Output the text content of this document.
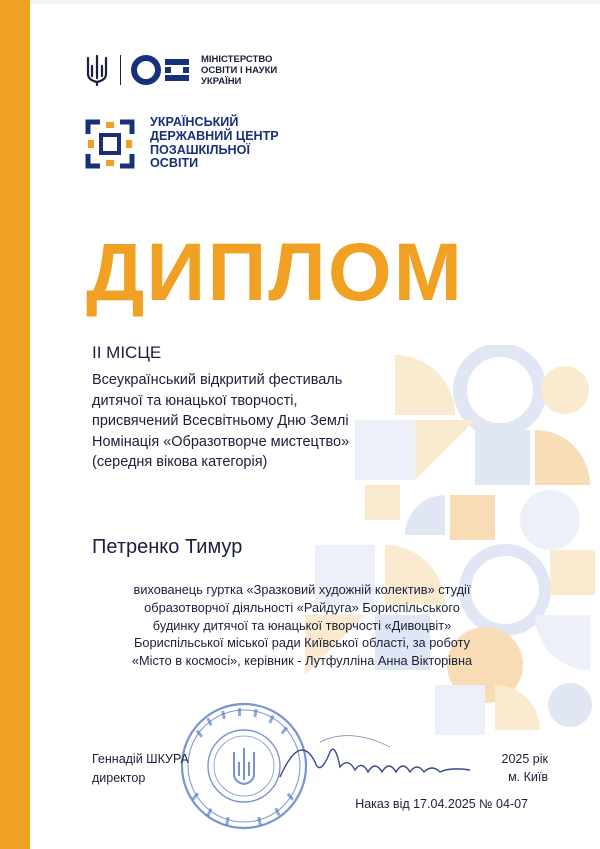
МІНІСТЕРСТВО
ОСВІТИ І НАУКИ
УКРАЇНИ
УКРАЇНСЬКИЙ
ДЕРЖАВНИЙ ЦЕНТР
ПОЗАШКІЛЬНОЇ
ОСВІТИ
ДИПЛОМ
ІІ МІСЦЕ
Всеукраїнський відкритий фестиваль
дитячої та юнацької творчості,
присвячений Всесвітньому Дню Землі
Номінація «Образотворче мистецтво»
(середня вікова категорія)
Петренко Тимур
вихованець гуртка «Зразковий художній колектив» студії
образотворчої діяльності «Райдуга» Бориспільського
будинку дитячої та юнацької творчості «Дивоцвіт»
Бориспільської міської ради Київської області, за роботу
«Місто в космосі», керівник - Лутфулліна Анна Вікторівна
Геннадій ШКУРА
директор
2025 рік
м. Київ
Наказ від 17.04.2025 № 04-07
